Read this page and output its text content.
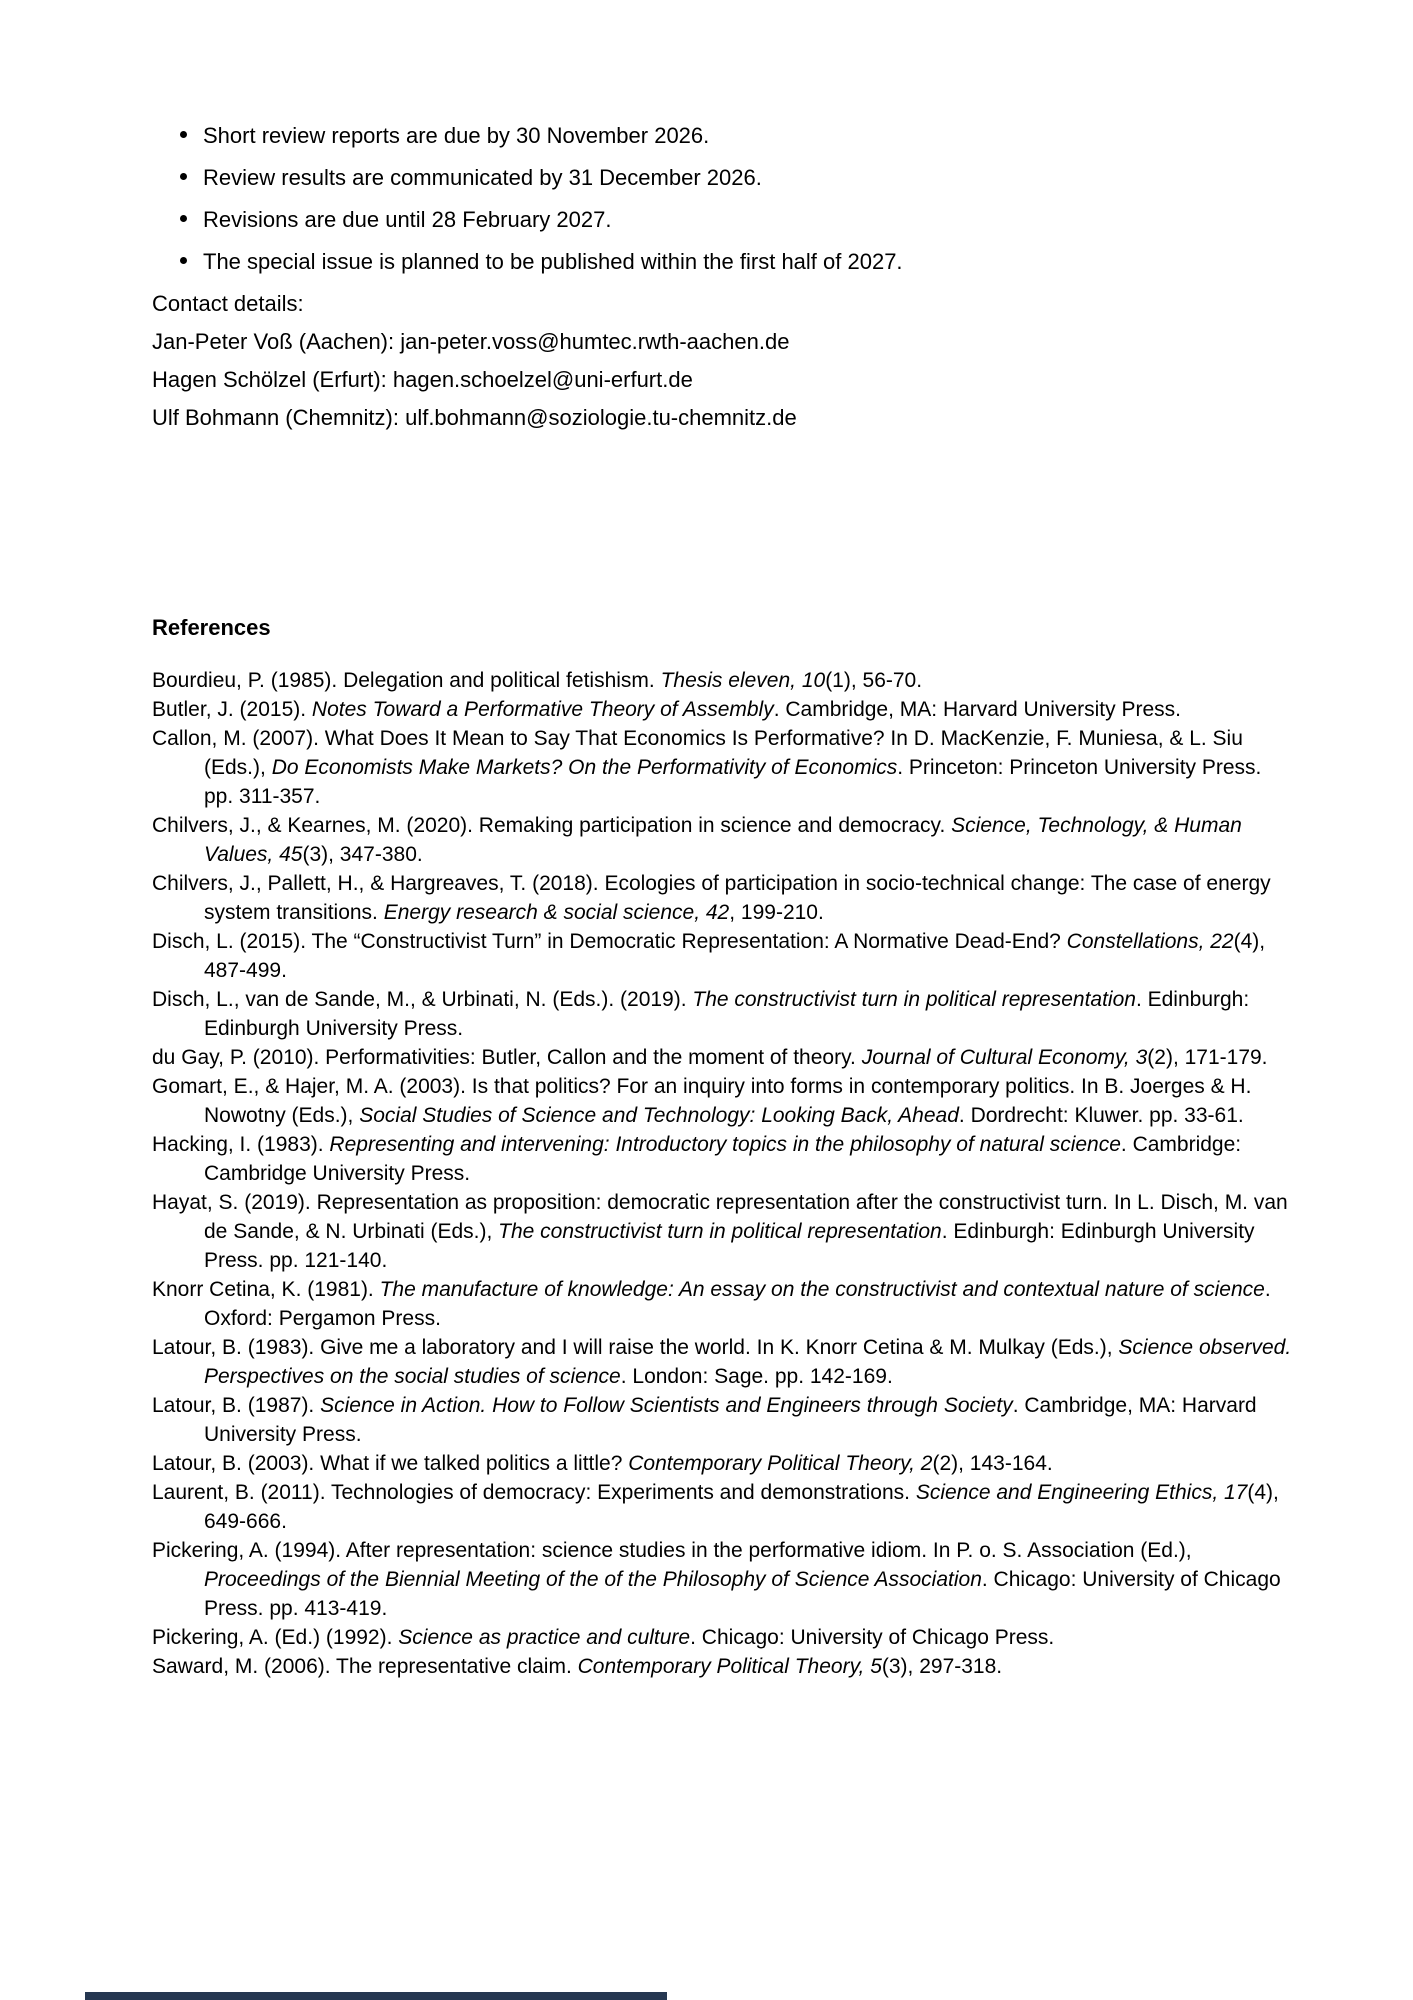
Short review reports are due by 30 November 2026.
Review results are communicated by 31 December 2026.
Revisions are due until 28 February 2027.
The special issue is planned to be published within the first half of 2027.

Contact details:

Jan-Peter Voß (Aachen): jan-peter.voss@humtec.rwth-aachen.de

Hagen Schölzel (Erfurt): hagen.schoelzel@uni-erfurt.de

Ulf Bohmann (Chemnitz): ulf.bohmann@soziologie.tu-chemnitz.de

References

Bourdieu, P. (1985). Delegation and political fetishism. Thesis eleven, 10(1), 56-70.

Butler, J. (2015). Notes Toward a Performative Theory of Assembly. Cambridge, MA: Harvard University Press.

Callon, M. (2007). What Does It Mean to Say That Economics Is Performative? In D. MacKenzie, F. Muniesa, & L. Siu (Eds.), Do Economists Make Markets? On the Performativity of Economics. Princeton: Princeton University Press. pp. 311-357.

Chilvers, J., & Kearnes, M. (2020). Remaking participation in science and democracy. Science, Technology, & Human Values, 45(3), 347-380.

Chilvers, J., Pallett, H., & Hargreaves, T. (2018). Ecologies of participation in socio-technical change: The case of energy system transitions. Energy research & social science, 42, 199-210.

Disch, L. (2015). The “Constructivist Turn” in Democratic Representation: A Normative Dead-End? Constellations, 22(4), 487-499.

Disch, L., van de Sande, M., & Urbinati, N. (Eds.). (2019). The constructivist turn in political representation. Edinburgh: Edinburgh University Press.

du Gay, P. (2010). Performativities: Butler, Callon and the moment of theory. Journal of Cultural Economy, 3(2), 171-179.

Gomart, E., & Hajer, M. A. (2003). Is that politics? For an inquiry into forms in contemporary politics. In B. Joerges & H. Nowotny (Eds.), Social Studies of Science and Technology: Looking Back, Ahead. Dordrecht: Kluwer. pp. 33-61.

Hacking, I. (1983). Representing and intervening: Introductory topics in the philosophy of natural science. Cambridge: Cambridge University Press.

Hayat, S. (2019). Representation as proposition: democratic representation after the constructivist turn. In L. Disch, M. van de Sande, & N. Urbinati (Eds.), The constructivist turn in political representation. Edinburgh: Edinburgh University Press. pp. 121-140.

Knorr Cetina, K. (1981). The manufacture of knowledge: An essay on the constructivist and contextual nature of science. Oxford: Pergamon Press.

Latour, B. (1983). Give me a laboratory and I will raise the world. In K. Knorr Cetina & M. Mulkay (Eds.), Science observed. Perspectives on the social studies of science. London: Sage. pp. 142-169.

Latour, B. (1987). Science in Action. How to Follow Scientists and Engineers through Society. Cambridge, MA: Harvard University Press.

Latour, B. (2003). What if we talked politics a little? Contemporary Political Theory, 2(2), 143-164.

Laurent, B. (2011). Technologies of democracy: Experiments and demonstrations. Science and Engineering Ethics, 17(4), 649-666.

Pickering, A. (1994). After representation: science studies in the performative idiom. In P. o. S. Association (Ed.), Proceedings of the Biennial Meeting of the of the Philosophy of Science Association. Chicago: University of Chicago Press. pp. 413-419.

Pickering, A. (Ed.) (1992). Science as practice and culture. Chicago: University of Chicago Press.

Saward, M. (2006). The representative claim. Contemporary Political Theory, 5(3), 297-318.
